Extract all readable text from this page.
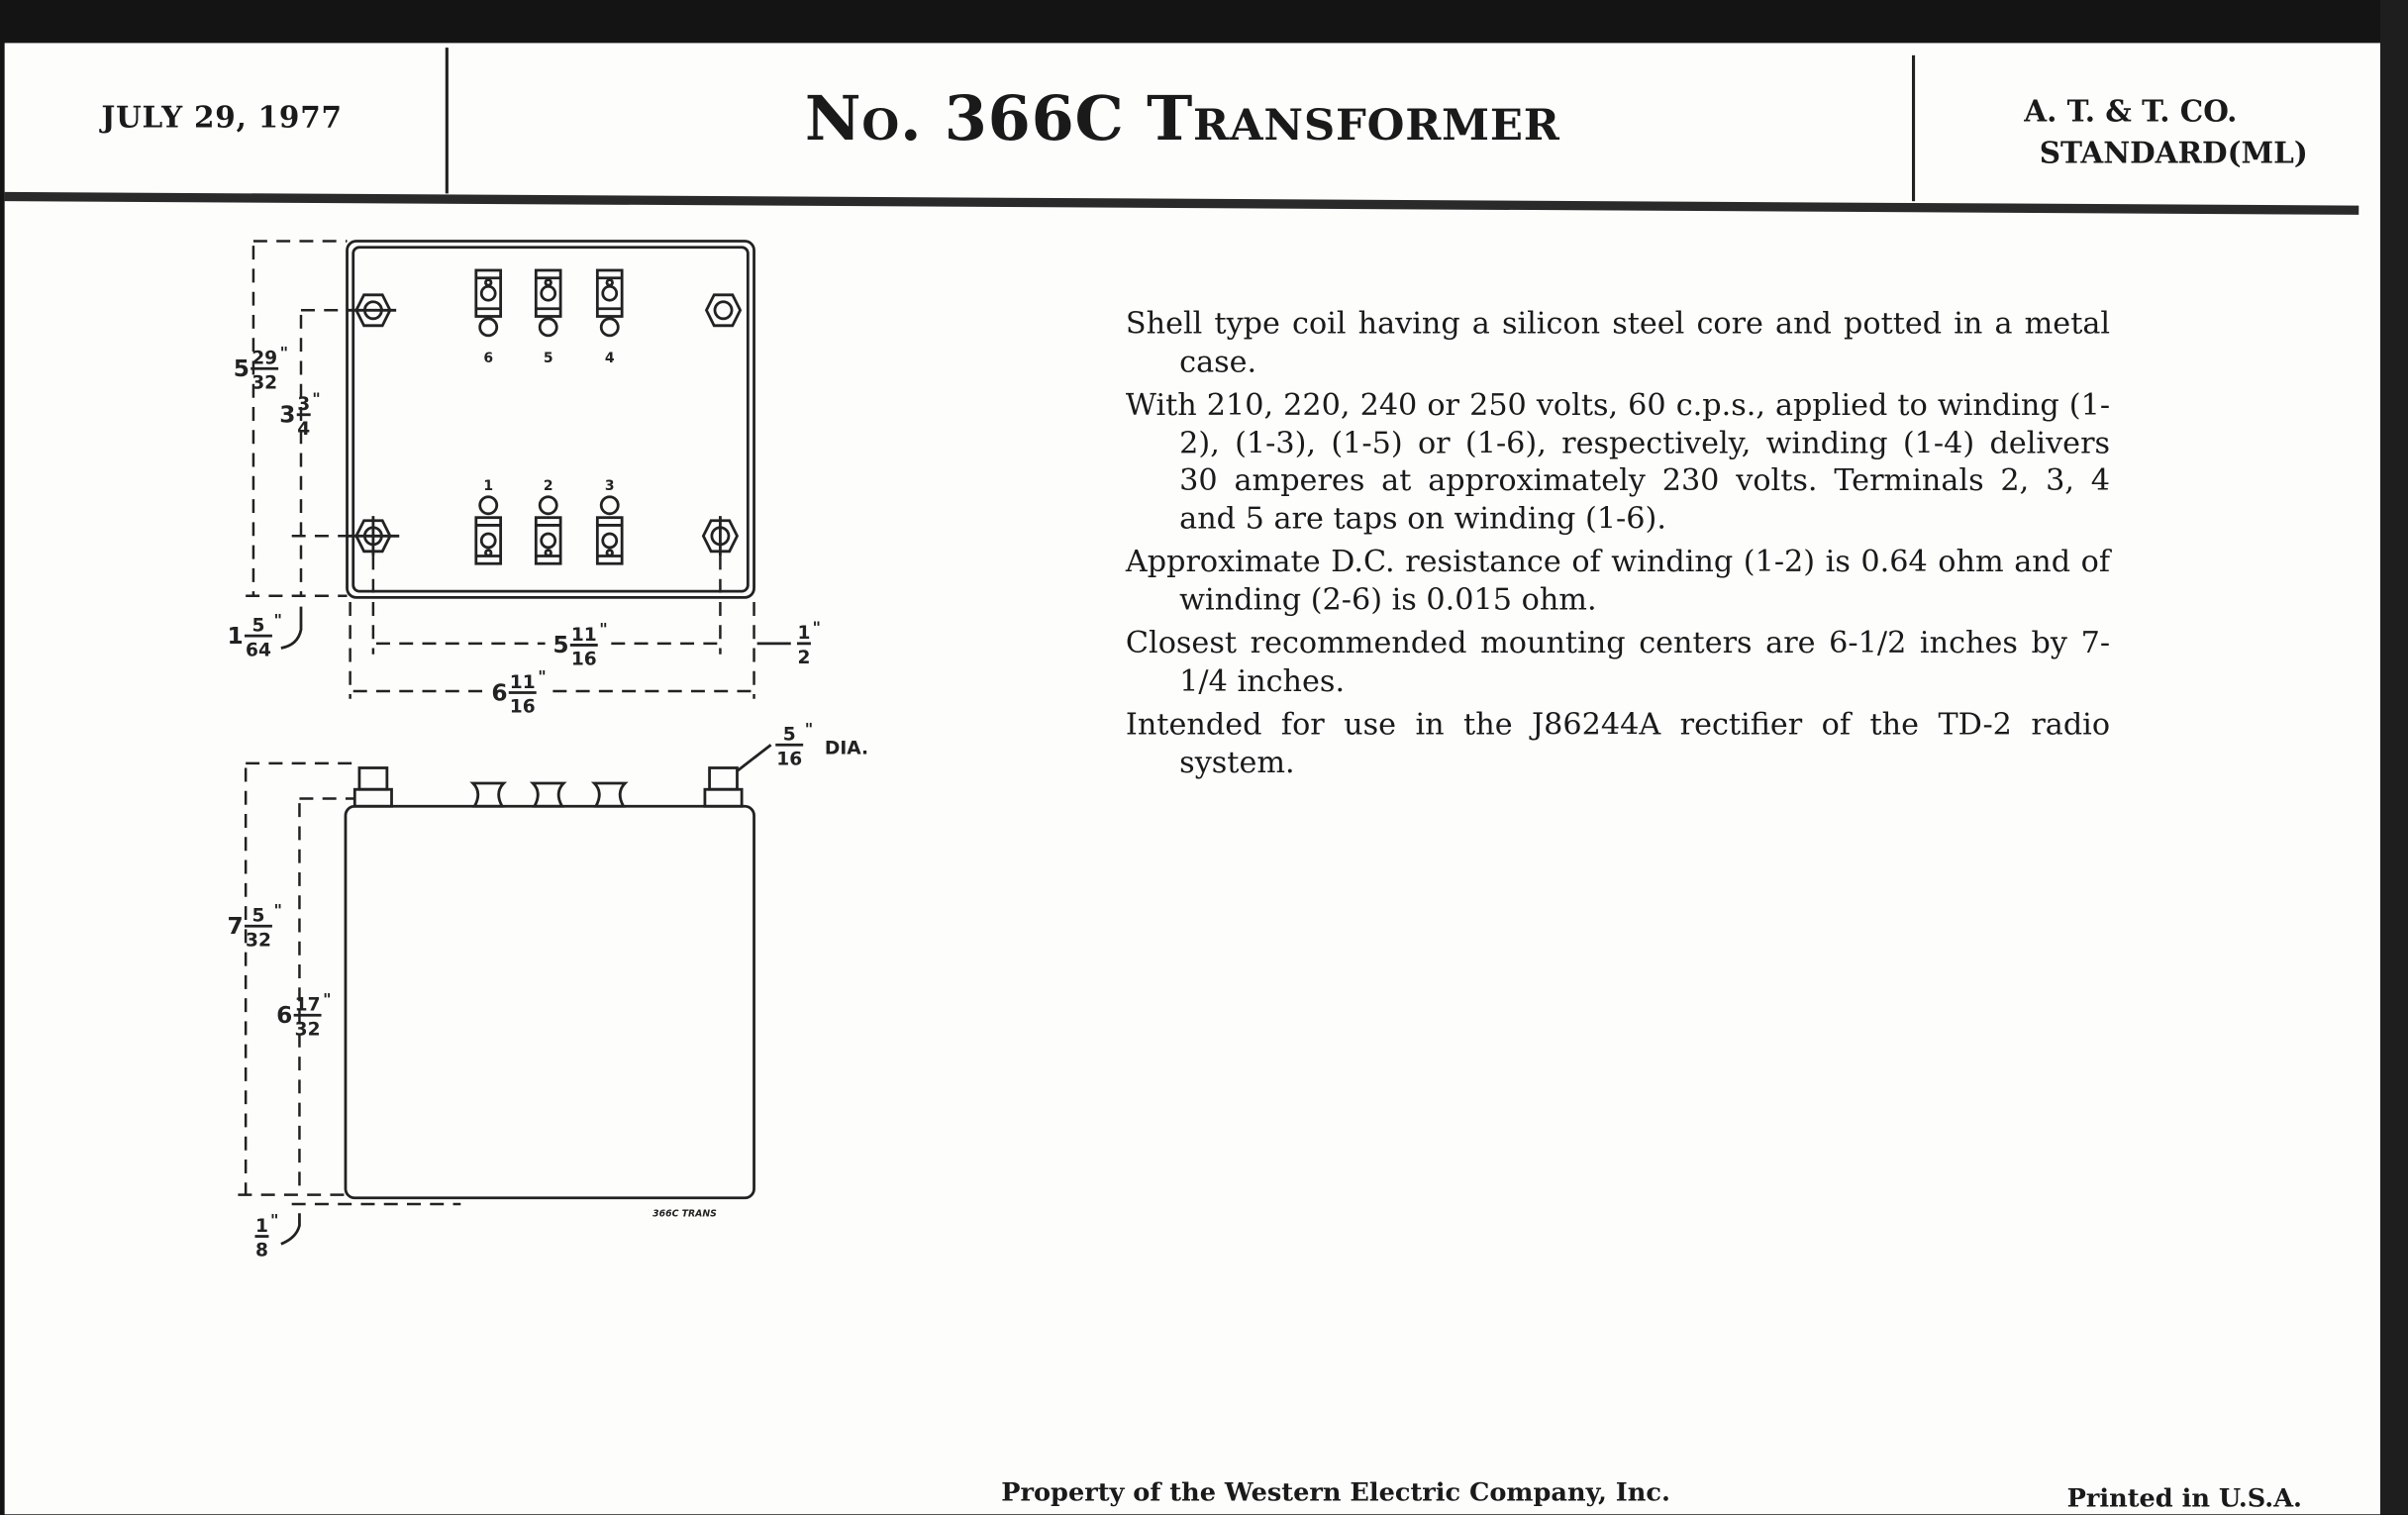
JULY 29, 1977	No. 366C Transformer	A. T. & T. CO.
STANDARD(ML)
6	5	4
1	2	3
5 29
32
"
3 3
4
"
1 5
64
"
5 11
16
"
6 11
16
"
1
2
"
5
16
"
DIA.
7 5
32
"
6 17
32
"
1
8
"	366C TRANS

Shell type coil having a silicon steel core and potted in a metal case.

With 210, 220, 240 or 250 volts, 60 c.p.s., applied to winding (1-2), (1-3), (1-5) or (1-6), respectively, winding (1-4) delivers 30 amperes at approximately 230 volts. Terminals 2, 3, 4 and 5 are taps on winding (1-6).

Approximate D.C. resistance of winding (1-2) is 0.64 ohm and of winding (2-6) is 0.015 ohm.

Closest recommended mounting centers are 6-1/2 inches by 7-1/4 inches.

Intended for use in the J86244A rectifier of the TD-2 radio system.

Property of the Western Electric Company, Inc.	Printed in U.S.A.
